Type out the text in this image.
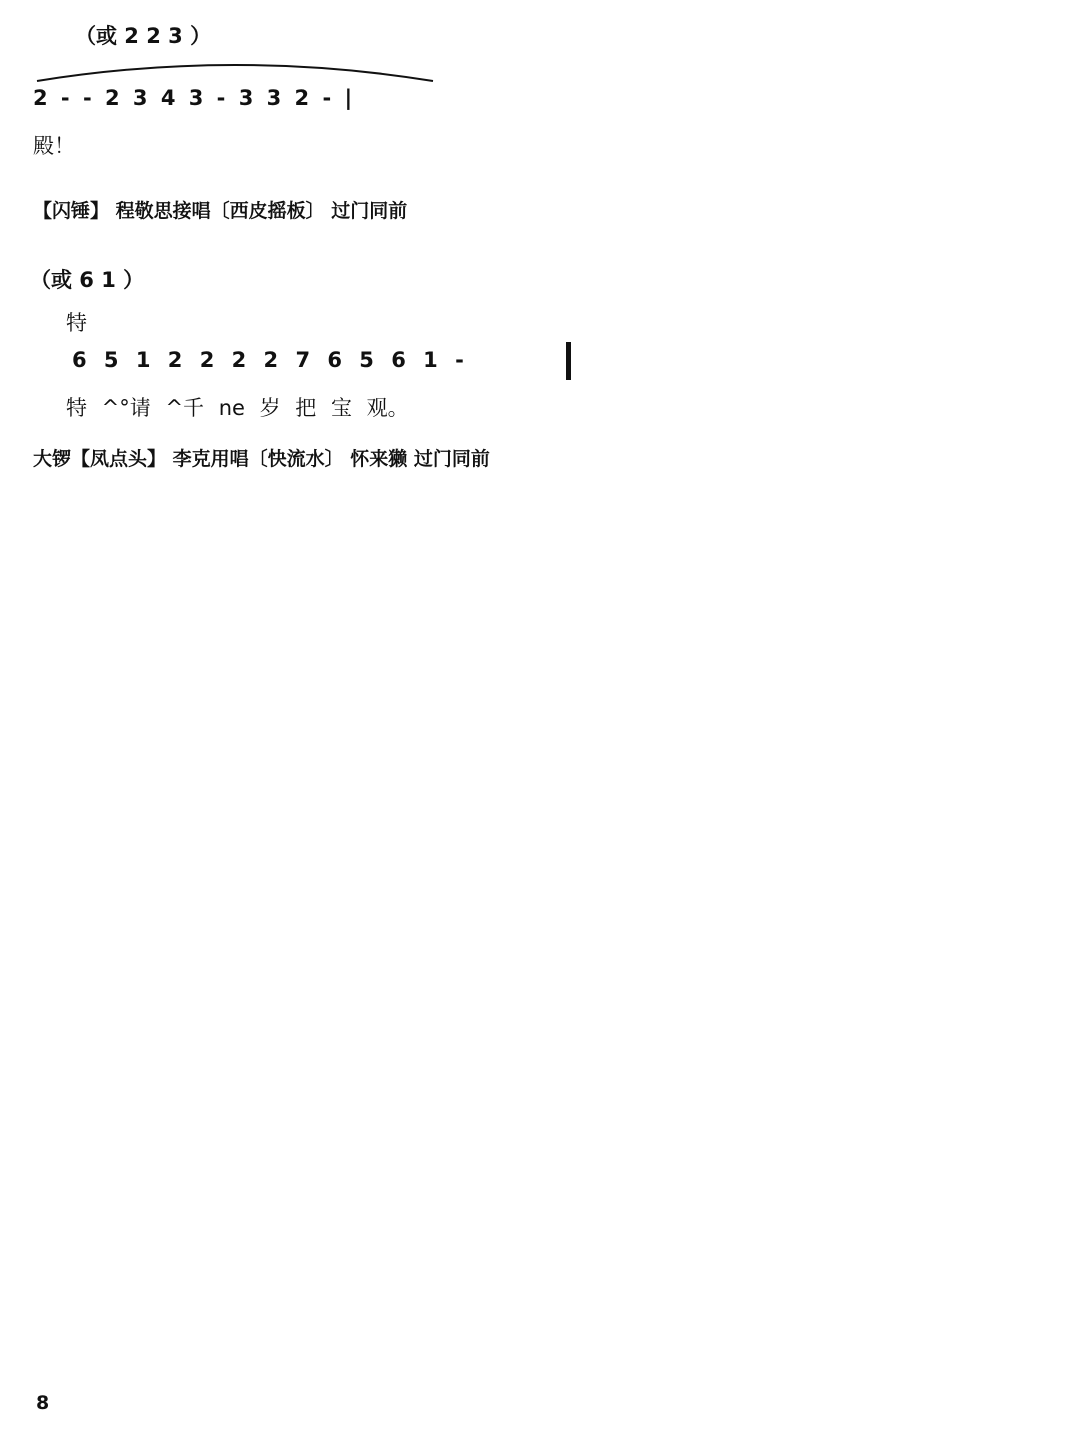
（或 2 2 3 ）
2 - - 2 3 4 3 - 3 3 2 - |
殿！
【闪锤】 程敬思接唱〔西皮摇板〕 过门同前
（或 6 1 ）
特
6 5 1 2 2 2 2 7 6 5 6 1 -
特 ^°请 ^千 ne 岁 把 宝 观。
大锣【凤点头】 李克用唱〔快流水〕 怀来獭 过门同前
8
